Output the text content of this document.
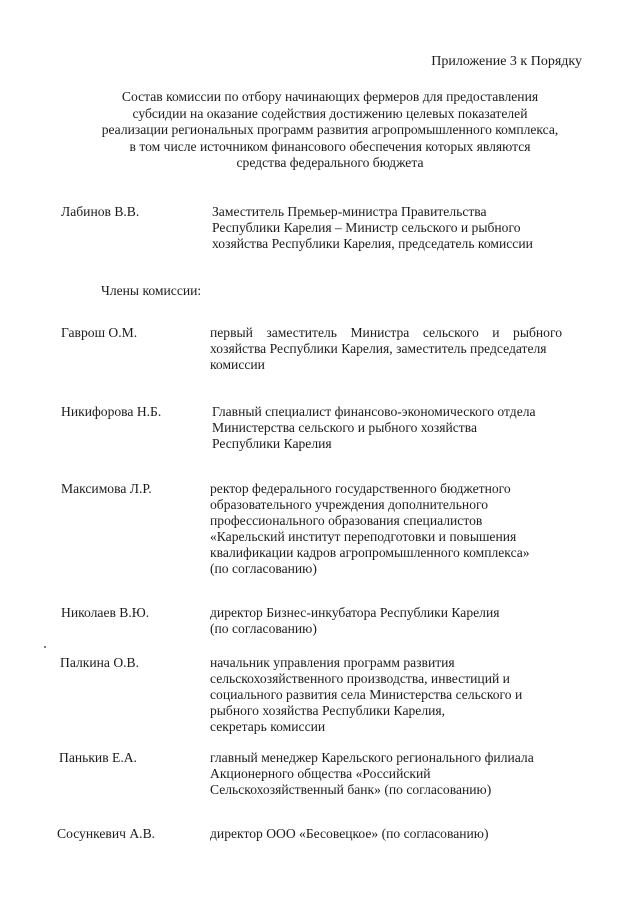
Приложение 3 к Порядку
Состав комиссии по отбору начинающих фермеров для предоставления
субсидии на оказание содействия достижению целевых показателей
реализации региональных программ развития агропромышленного комплекса,
в том числе источником финансового обеспечения которых являются
средства федерального бюджета
Лабинов В.В.	Заместитель Премьер-министра Правительства
Республики Карелия – Министр сельского и рыбного
хозяйства Республики Карелия, председатель комиссии
Члены комиссии:
Гаврош О.М.	первый заместитель Министра сельского и рыбного
хозяйства Республики Карелия, заместитель председателя
комиссии
Никифорова Н.Б.	Главный специалист финансово-экономического отдела
Министерства сельского и рыбного хозяйства
Республики Карелия
Максимова Л.Р.	ректор федерального государственного бюджетного
образовательного учреждения дополнительного
профессионального образования специалистов
«Карельский институт переподготовки и повышения
квалификации кадров агропромышленного комплекса»
(по согласованию)
Николаев В.Ю.	директор Бизнес-инкубатора Республики Карелия
(по согласованию)
Палкина О.В.	начальник управления программ развития
сельскохозяйственного производства, инвестиций и
социального развития села Министерства сельского и
рыбного хозяйства Республики Карелия,
секретарь комиссии
Панькив Е.А.	главный менеджер Карельского регионального филиала
Акционерного общества «Российский
Сельскохозяйственный банк» (по согласованию)
Сосункевич А.В.	директор ООО «Бесовецкое» (по согласованию)
